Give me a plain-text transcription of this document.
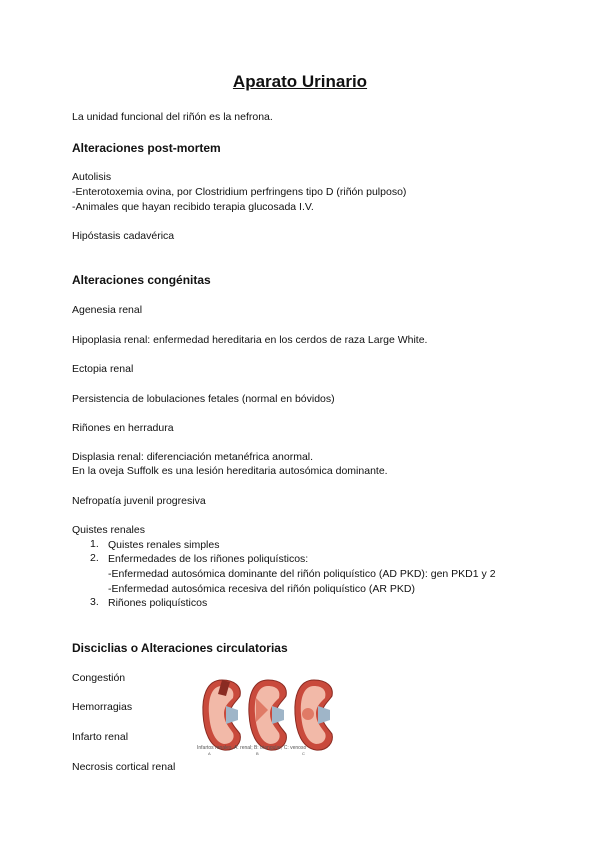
Aparato Urinario
La unidad funcional del riñón es la nefrona.
Alteraciones post-mortem
Autolisis
-Enterotoxemia ovina, por Clostridium perfringens tipo D (riñón pulposo)
-Animales que hayan recibido terapia glucosada I.V.
Hipóstasis cadavérica
Alteraciones congénitas
Agenesia renal
Hipoplasia renal: enfermedad hereditaria en los cerdos de raza Large White.
Ectopia renal
Persistencia de lobulaciones fetales (normal en bóvidos)
Riñones en herradura
Displasia renal: diferenciación metanéfrica anormal.
En la oveja Suffolk es una lesión hereditaria autosómica dominante.
Nefropatía juvenil progresiva
Quistes renales
1. Quistes renales simples
2. Enfermedades de los riñones poliquísticos:
-Enfermedad autosómica dominante del riñón poliquístico (AD PKD): gen PKD1 y 2
-Enfermedad autosómica recesiva del riñón poliquístico (AR PKD)
3. Riñones poliquísticos
Disciclias o Alteraciones circulatorias
Congestión
Hemorragias
Infarto renal
Necrosis cortical renal
A	B	C
Infartos renales. A: renal; B: triangular; C: venoso
